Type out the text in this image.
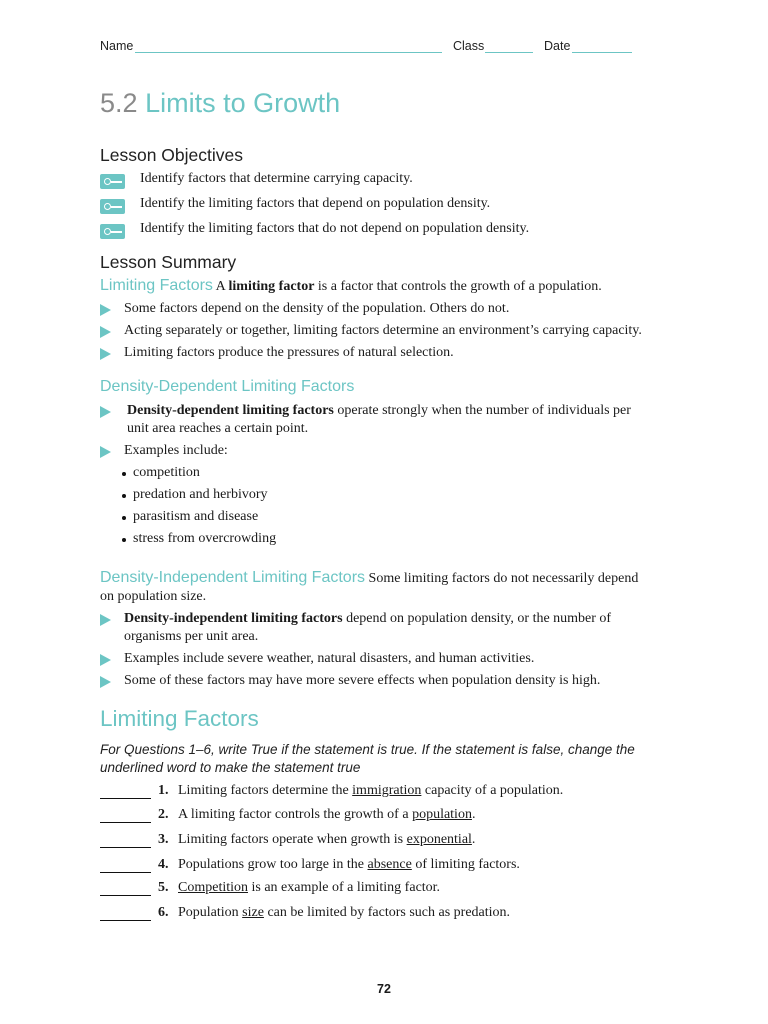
Name	Class	Date
5.2 Limits to Growth
Lesson Objectives
Identify factors that determine carrying capacity.
Identify the limiting factors that depend on population density.
Identify the limiting factors that do not depend on population density.
Lesson Summary
Limiting Factors A limiting factor is a factor that controls the growth of a population.
Some factors depend on the density of the population. Others do not.
Acting separately or together, limiting factors determine an environment’s carrying capacity.
Limiting factors produce the pressures of natural selection.
Density-Dependent Limiting Factors
Density-dependent limiting factors operate strongly when the number of individuals per unit area reaches a certain point.
Examples include:
competition
predation and herbivory
parasitism and disease
stress from overcrowding
Density-Independent Limiting Factors Some limiting factors do not necessarily depend on population size.
Density-independent limiting factors depend on population density, or the number of organisms per unit area.
Examples include severe weather, natural disasters, and human activities.
Some of these factors may have more severe effects when population density is high.
Limiting Factors
For Questions 1–6, write True if the statement is true. If the statement is false, change the underlined word to make the statement true
1. Limiting factors determine the immigration capacity of a population.
2. A limiting factor controls the growth of a population.
3. Limiting factors operate when growth is exponential.
4. Populations grow too large in the absence of limiting factors.
5. Competition is an example of a limiting factor.
6. Population size can be limited by factors such as predation.
72
